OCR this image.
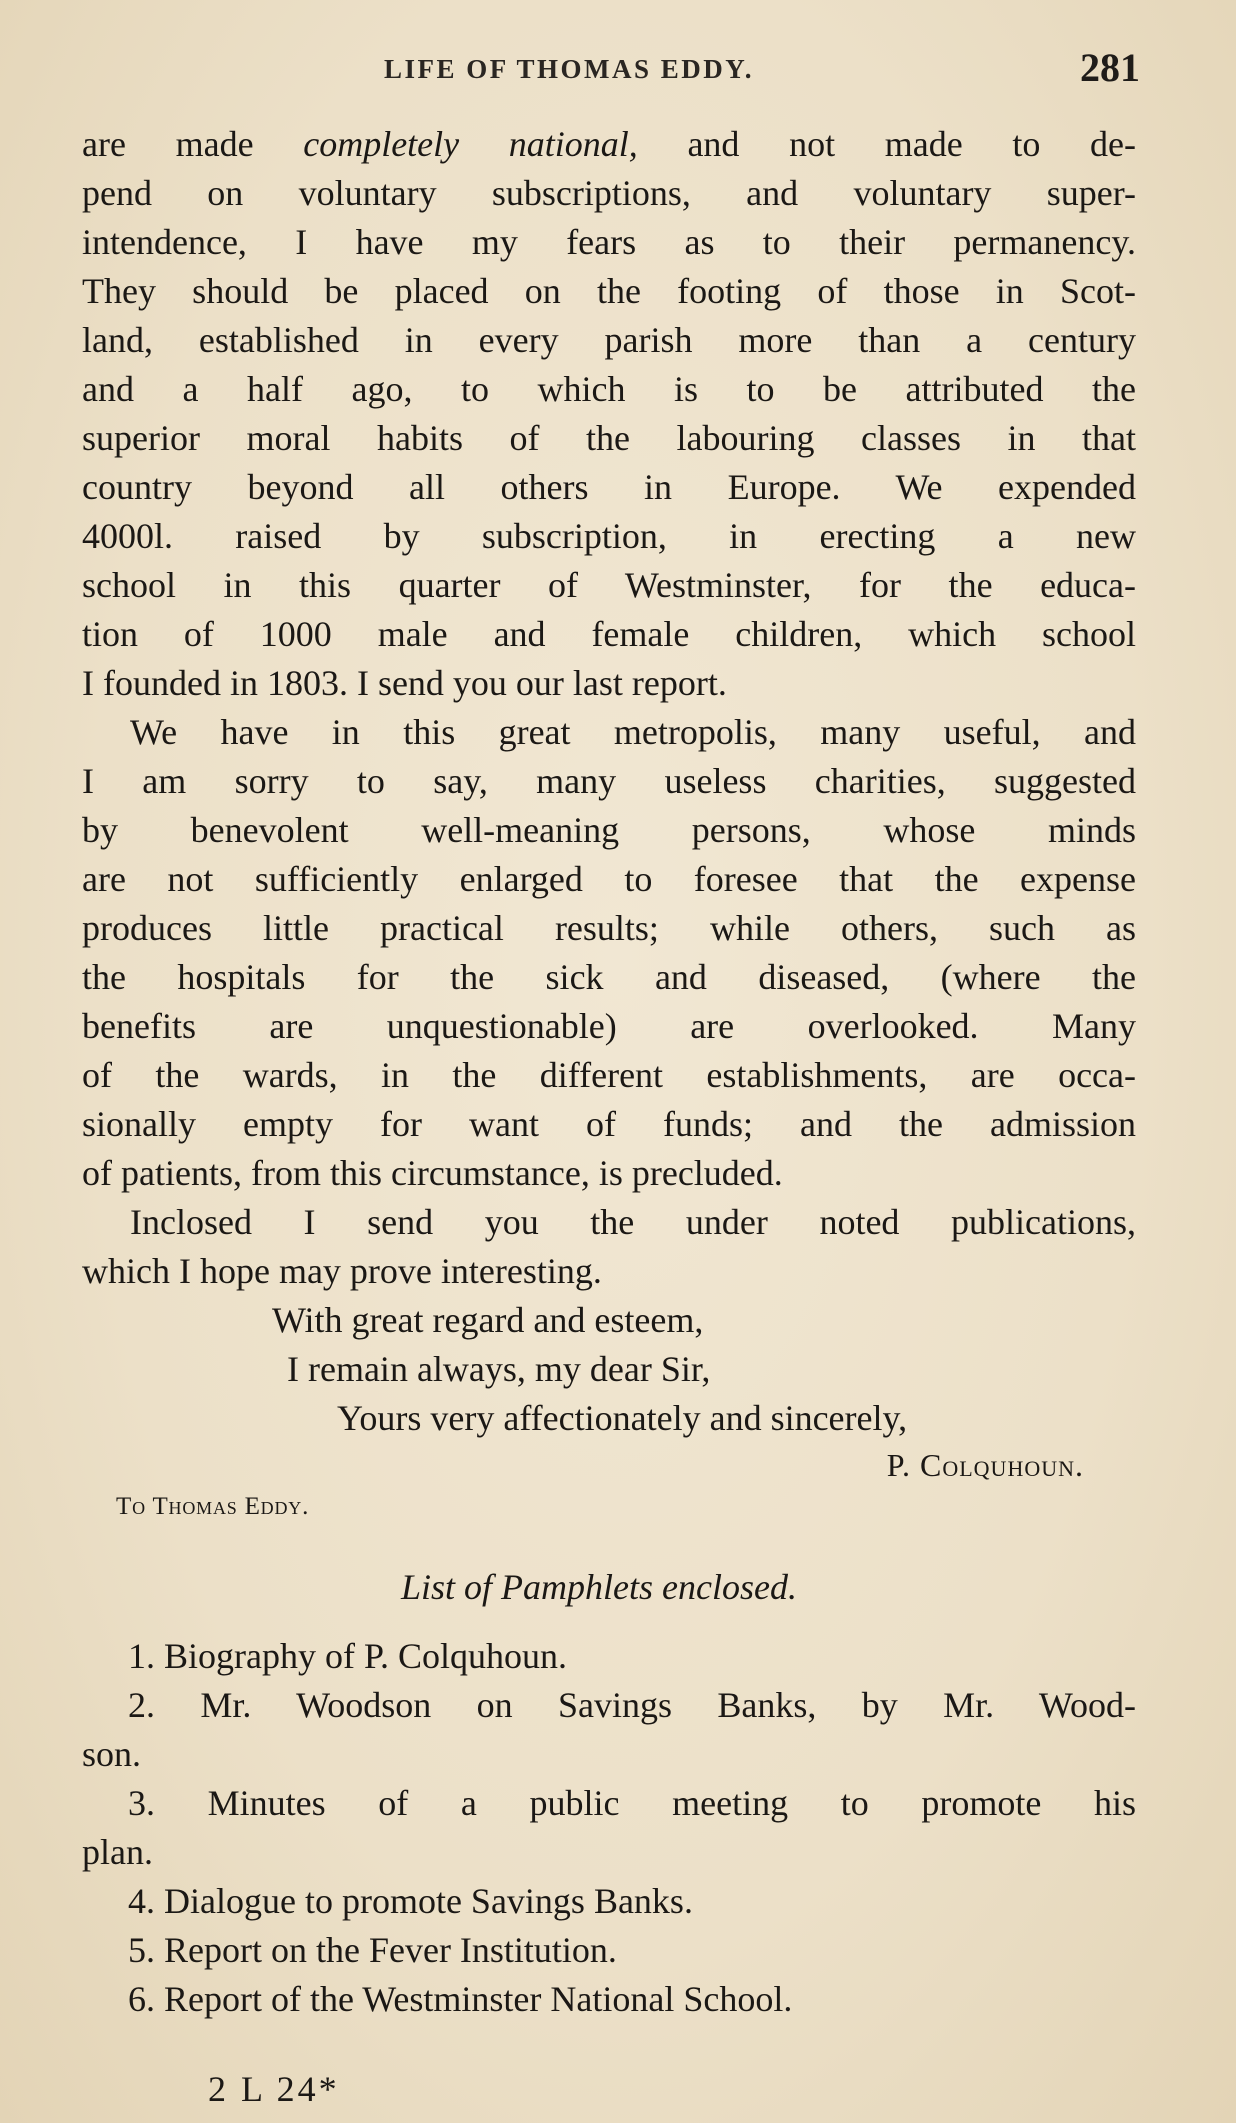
LIFE OF THOMAS EDDY.	281
are made completely national, and not made to de-
pend on voluntary subscriptions, and voluntary super-
intendence, I have my fears as to their permanency.
They should be placed on the footing of those in Scot-
land, established in every parish more than a century
and a half ago, to which is to be attributed the
superior moral habits of the labouring classes in that
country beyond all others in Europe. We expended
4000l. raised by subscription, in erecting a new
school in this quarter of Westminster, for the educa-
tion of 1000 male and female children, which school
I founded in 1803. I send you our last report.
We have in this great metropolis, many useful, and
I am sorry to say, many useless charities, suggested
by benevolent well-meaning persons, whose minds
are not sufficiently enlarged to foresee that the expense
produces little practical results; while others, such as
the hospitals for the sick and diseased, (where the
benefits are unquestionable) are overlooked. Many
of the wards, in the different establishments, are occa-
sionally empty for want of funds; and the admission
of patients, from this circumstance, is precluded.
Inclosed I send you the under noted publications,
which I hope may prove interesting.
With great regard and esteem,
I remain always, my dear Sir,
Yours very affectionately and sincerely,
P. Colquhoun.
To Thomas Eddy.
List of Pamphlets enclosed.
1. Biography of P. Colquhoun.
2. Mr. Woodson on Savings Banks, by Mr. Wood-
son.
3. Minutes of a public meeting to promote his
plan.
4. Dialogue to promote Savings Banks.
5. Report on the Fever Institution.
6. Report of the Westminster National School.
2 L 24*
